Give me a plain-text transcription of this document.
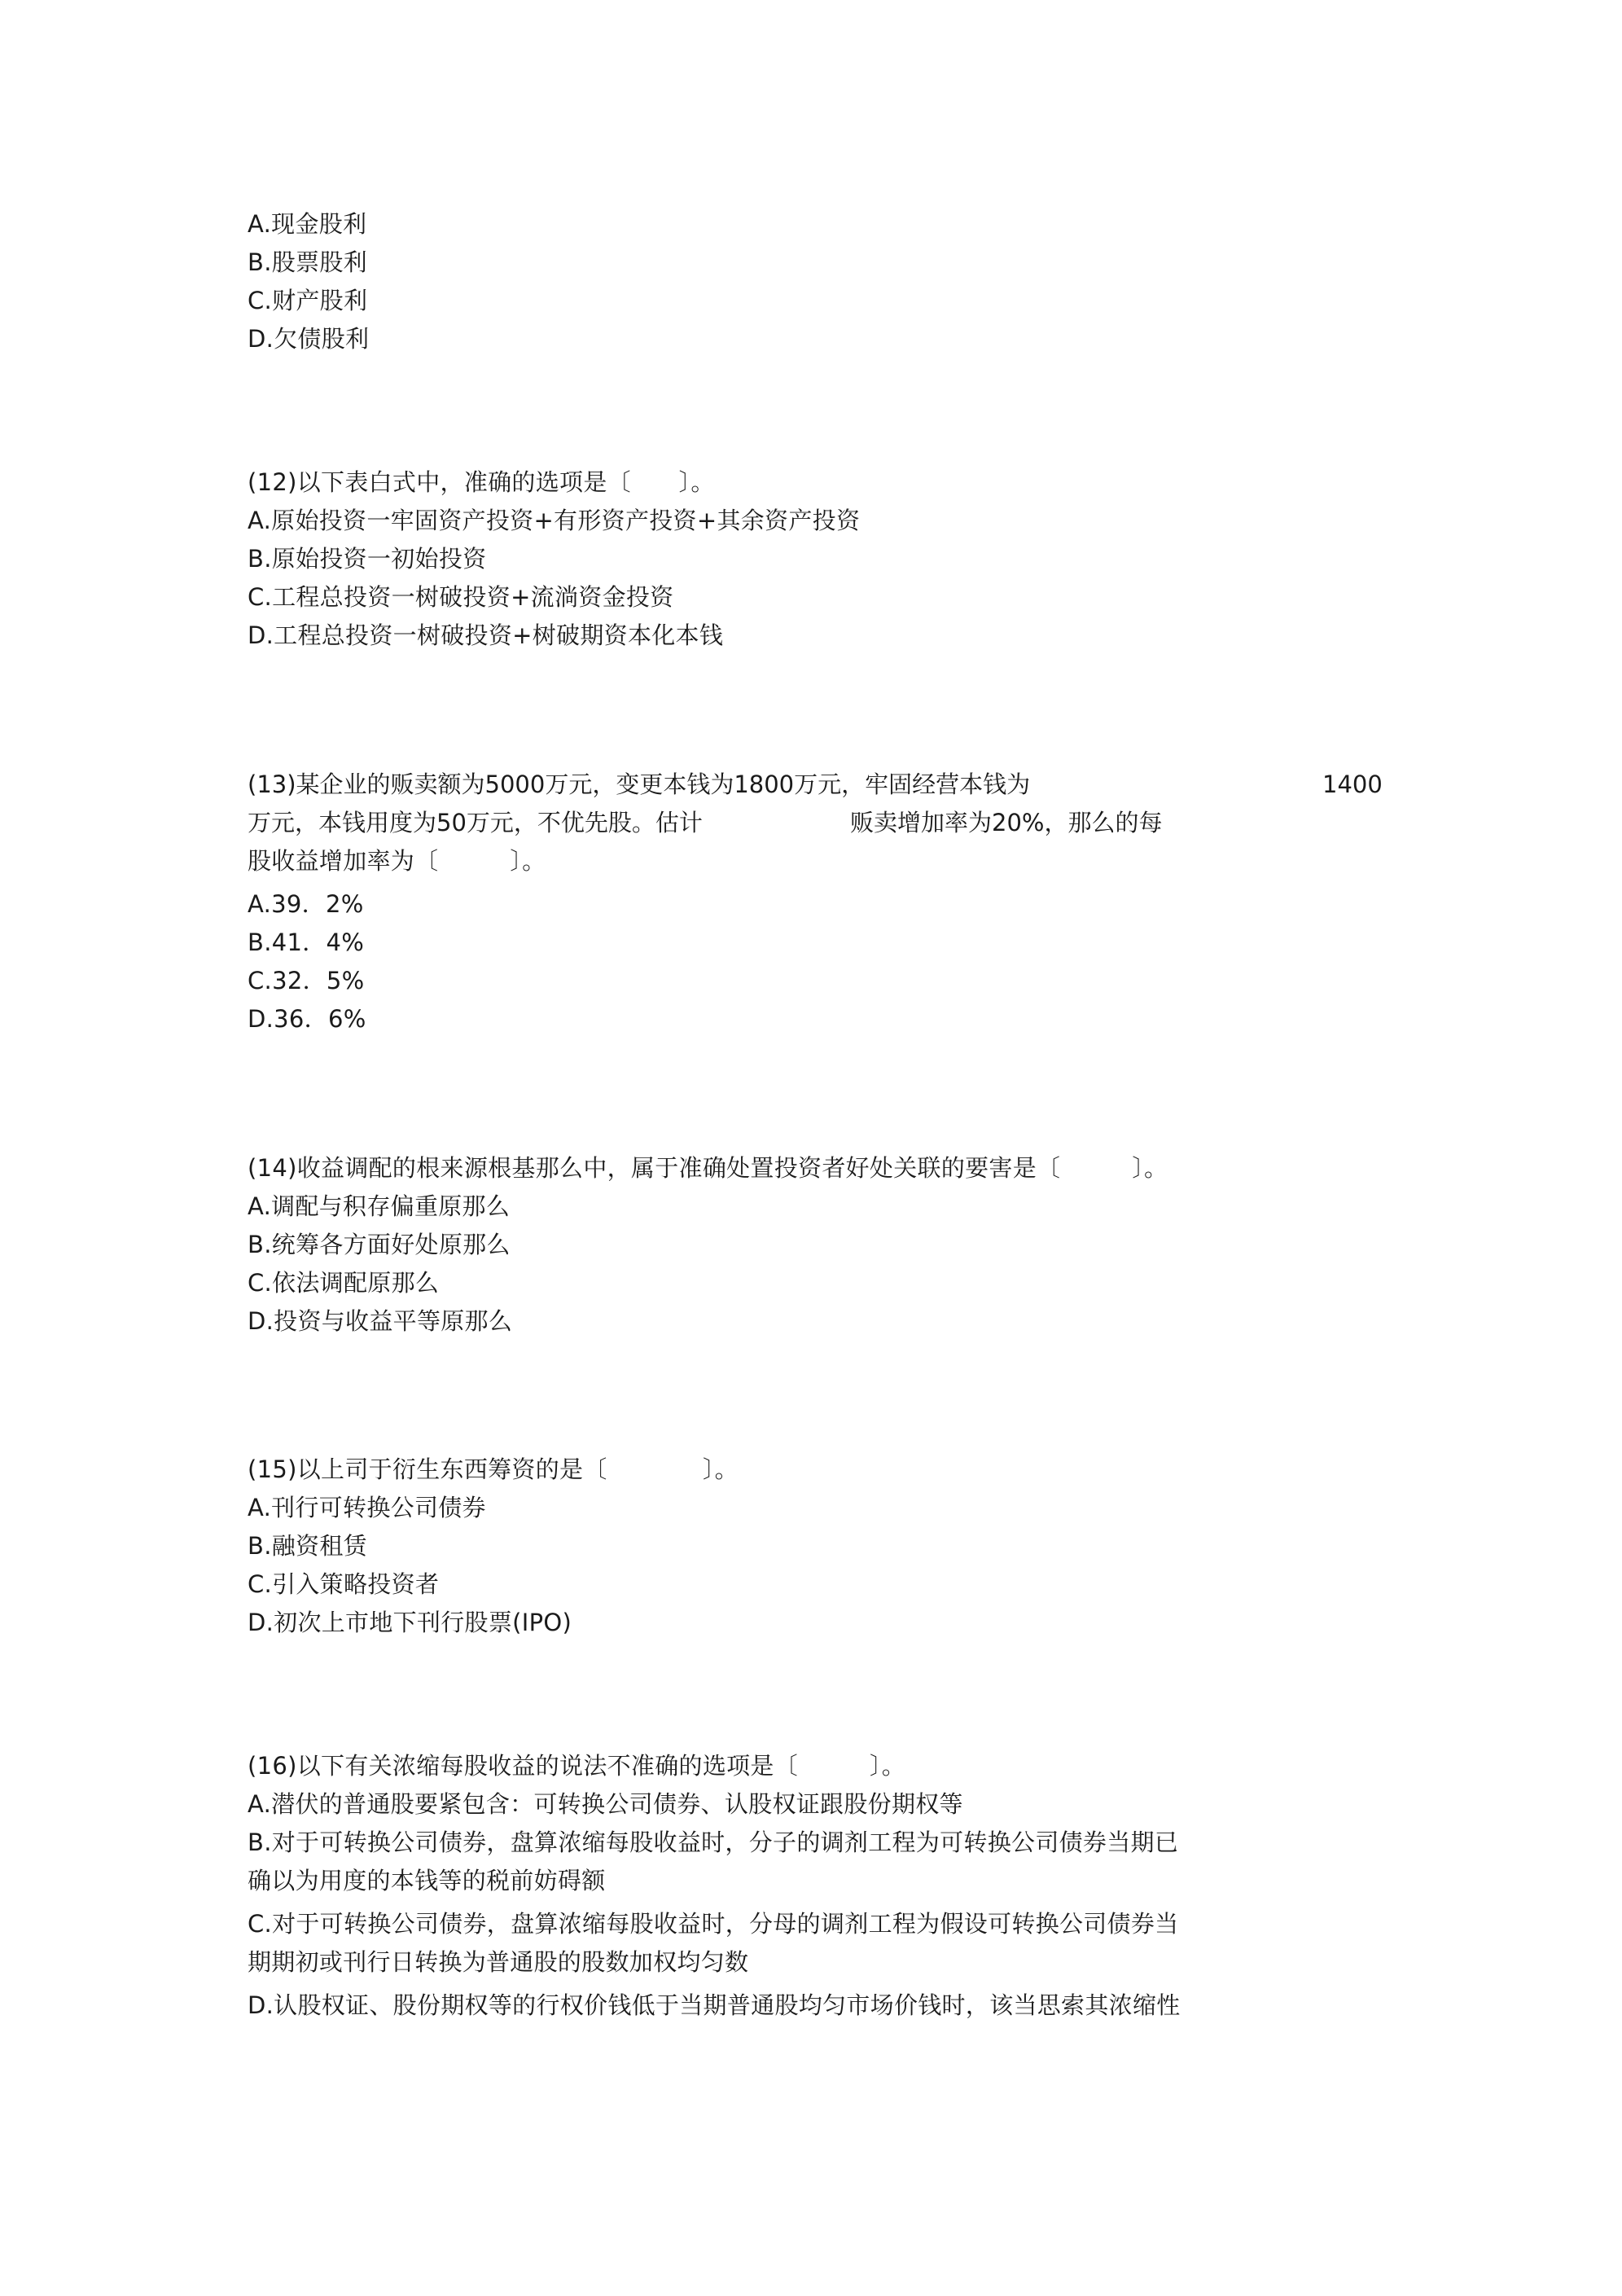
A.现金股利
B.股票股利
C.财产股利
D.欠债股利
(12)以下表白式中，准确的选项是〔　　〕。
A.原始投资一牢固资产投资+有形资产投资+其余资产投资
B.原始投资一初始投资
C.工程总投资一树破投资+流淌资金投资
D.工程总投资一树破投资+树破期资本化本钱
(13)某企业的贩卖额为5000万元，变更本钱为1800万元，牢固经营本钱为	1400
万元，本钱用度为50万元，不优先股。估计	贩卖增加率为20%，那么的每
股收益增加率为〔　　　〕。
A.39．2%
B.41．4%
C.32．5%
D.36．6%
(14)收益调配的根来源根基那么中，属于准确处置投资者好处关联的要害是〔　　　〕。
A.调配与积存偏重原那么
B.统筹各方面好处原那么
C.依法调配原那么
D.投资与收益平等原那么
(15)以上司于衍生东西筹资的是〔　　　　〕。
A.刊行可转换公司债券
B.融资租赁
C.引入策略投资者
D.初次上市地下刊行股票(IPO)
(16)以下有关浓缩每股收益的说法不准确的选项是〔　　　〕。
A.潜伏的普通股要紧包含：可转换公司债券、认股权证跟股份期权等
B.对于可转换公司债券，盘算浓缩每股收益时，分子的调剂工程为可转换公司债券当期已
确以为用度的本钱等的税前妨碍额
C.对于可转换公司债券，盘算浓缩每股收益时，分母的调剂工程为假设可转换公司债券当
期期初或刊行日转换为普通股的股数加权均匀数
D.认股权证、股份期权等的行权价钱低于当期普通股均匀市场价钱时，该当思索其浓缩性
